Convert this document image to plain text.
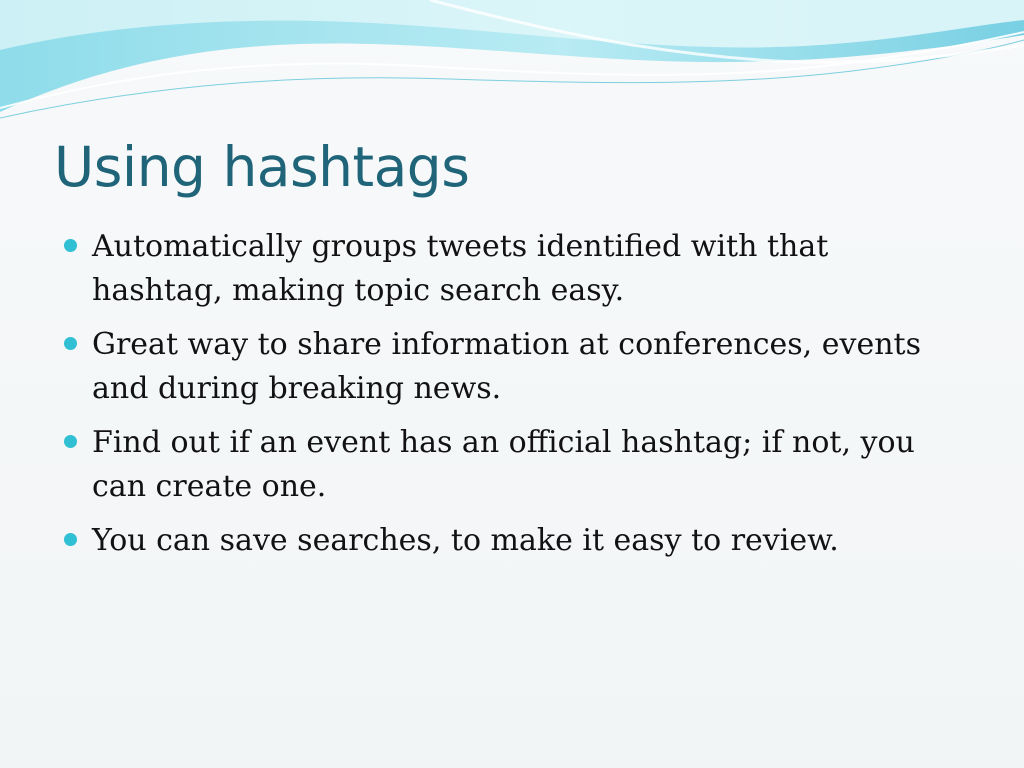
Using hashtags
Automatically groups tweets identified with that hashtag, making topic search easy.
Great way to share information at conferences, events and during breaking news.
Find out if an event has an official hashtag; if not, you can create one.
You can save searches, to make it easy to review.
